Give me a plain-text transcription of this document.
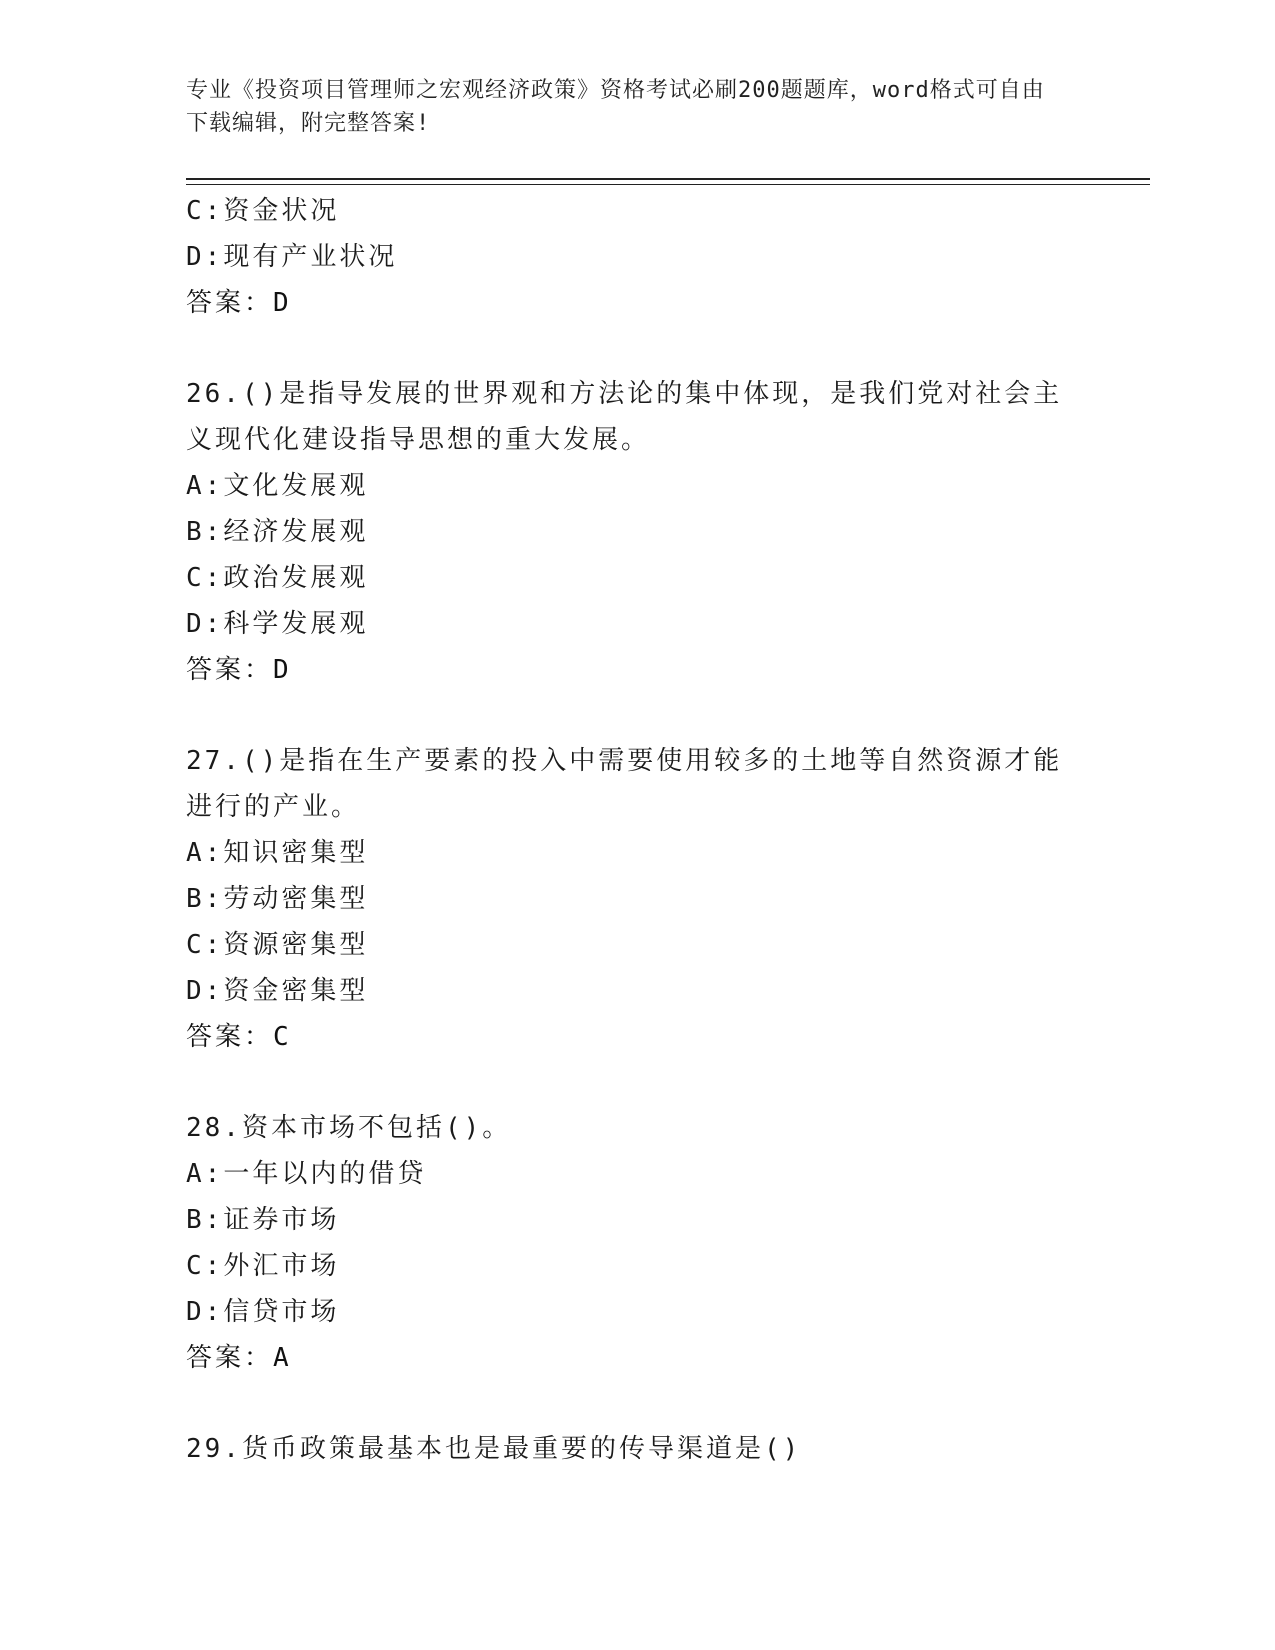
专业《投资项目管理师之宏观经济政策》资格考试必刷200题题库，word格式可自由下载编辑，附完整答案!
C: 资金状况
D: 现有产业状况
答案：D
26.()是指导发展的世界观和方法论的集中体现，是我们党对社会主义现代化建设指导思想的重大发展。
A: 文化发展观
B: 经济发展观
C: 政治发展观
D: 科学发展观
答案：D
27.()是指在生产要素的投入中需要使用较多的土地等自然资源才能进行的产业。
A: 知识密集型
B: 劳动密集型
C: 资源密集型
D: 资金密集型
答案：C
28.资本市场不包括()。
A: 一年以内的借贷
B: 证券市场
C: 外汇市场
D: 信贷市场
答案：A
29.货币政策最基本也是最重要的传导渠道是()
